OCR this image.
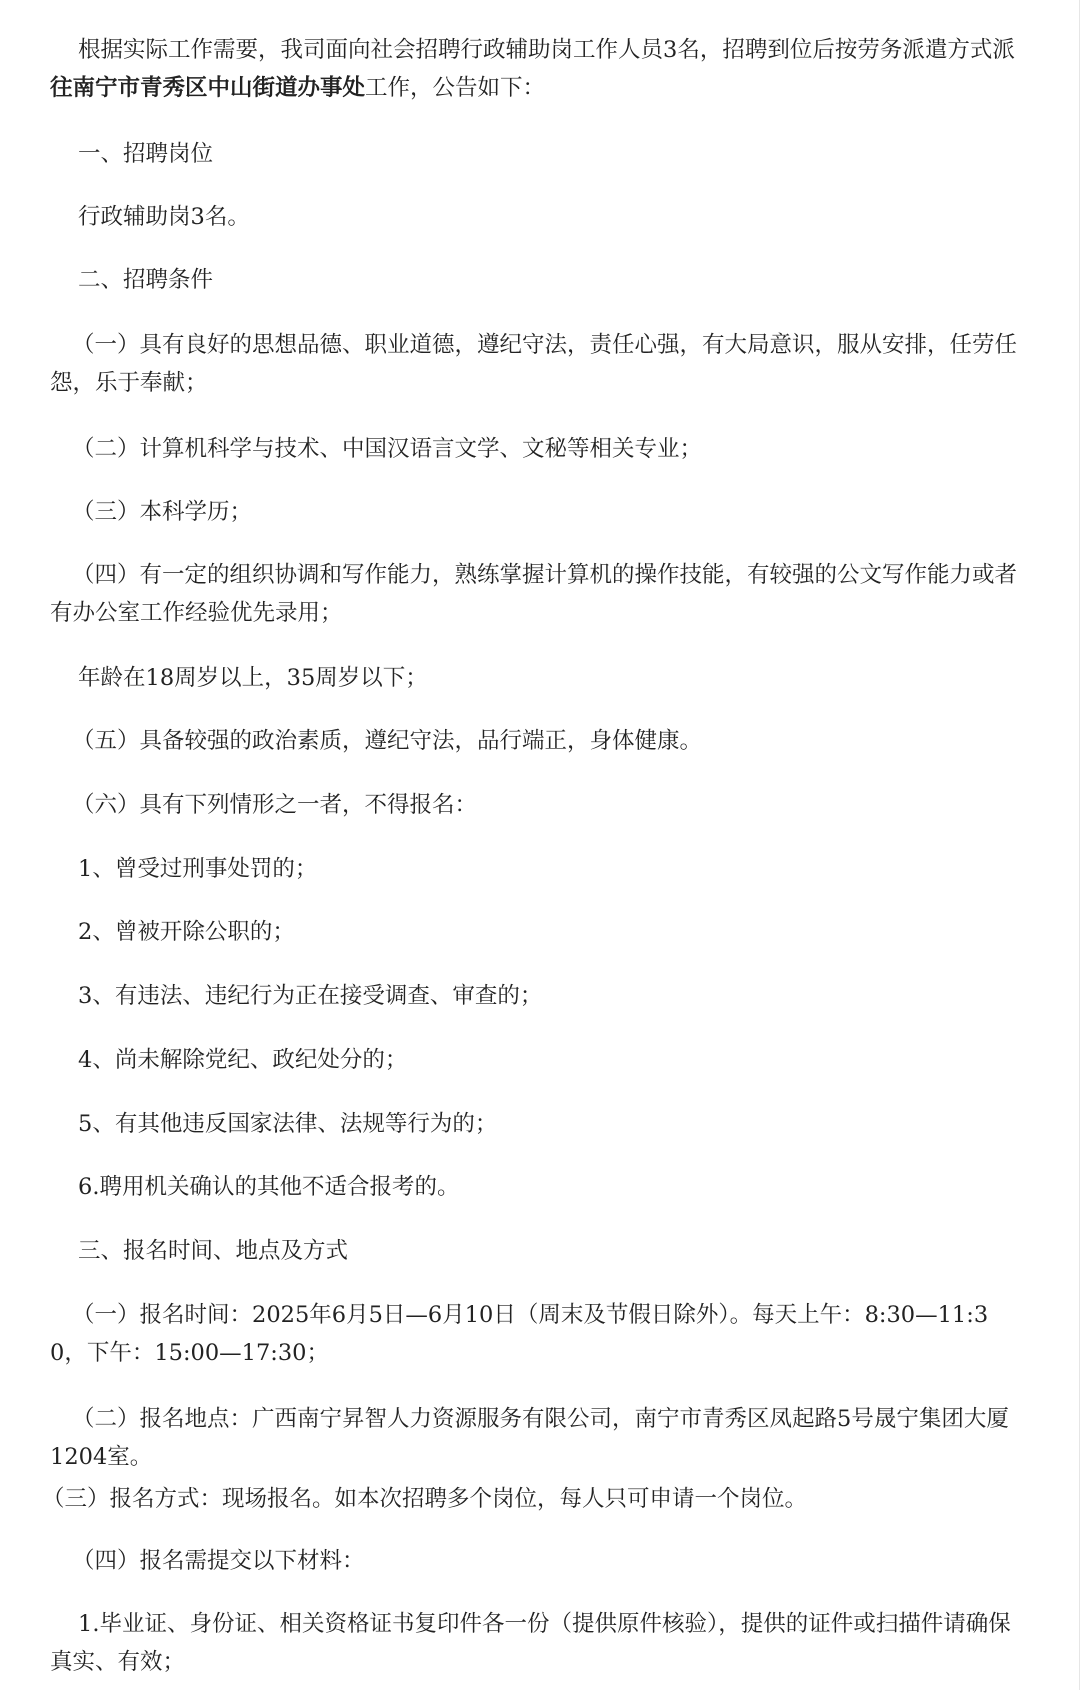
根据实际工作需要，我司面向社会招聘行政辅助岗工作人员3名，招聘到位后按劳务派遣方式派
往南宁市青秀区中山街道办事处工作，公告如下：

一、招聘岗位

行政辅助岗3名。

二、招聘条件

（一）具有良好的思想品德、职业道德，遵纪守法，责任心强，有大局意识，服从安排，任劳任怨，乐于奉献；

（二）计算机科学与技术、中国汉语言文学、文秘等相关专业；

（三）本科学历；

（四）有一定的组织协调和写作能力，熟练掌握计算机的操作技能，有较强的公文写作能力或者有办公室工作经验优先录用；

年龄在18周岁以上，35周岁以下；

（五）具备较强的政治素质，遵纪守法，品行端正，身体健康。

（六）具有下列情形之一者，不得报名：

1、曾受过刑事处罚的；

2、曾被开除公职的；

3、有违法、违纪行为正在接受调查、审查的；

4、尚未解除党纪、政纪处分的；

5、有其他违反国家法律、法规等行为的；

6.聘用机关确认的其他不适合报考的。

三、报名时间、地点及方式

（一）报名时间：2025年6月5日—6月10日（周末及节假日除外）。每天上午：8:30—11:30，下午：15:00—17:30；

（二）报名地点：广西南宁昇智人力资源服务有限公司，南宁市青秀区凤起路5号晟宁集团大厦1204室。

（三）报名方式：现场报名。如本次招聘多个岗位，每人只可申请一个岗位。

（四）报名需提交以下材料：

1.毕业证、身份证、相关资格证书复印件各一份（提供原件核验），提供的证件或扫描件请确保真实、有效；
